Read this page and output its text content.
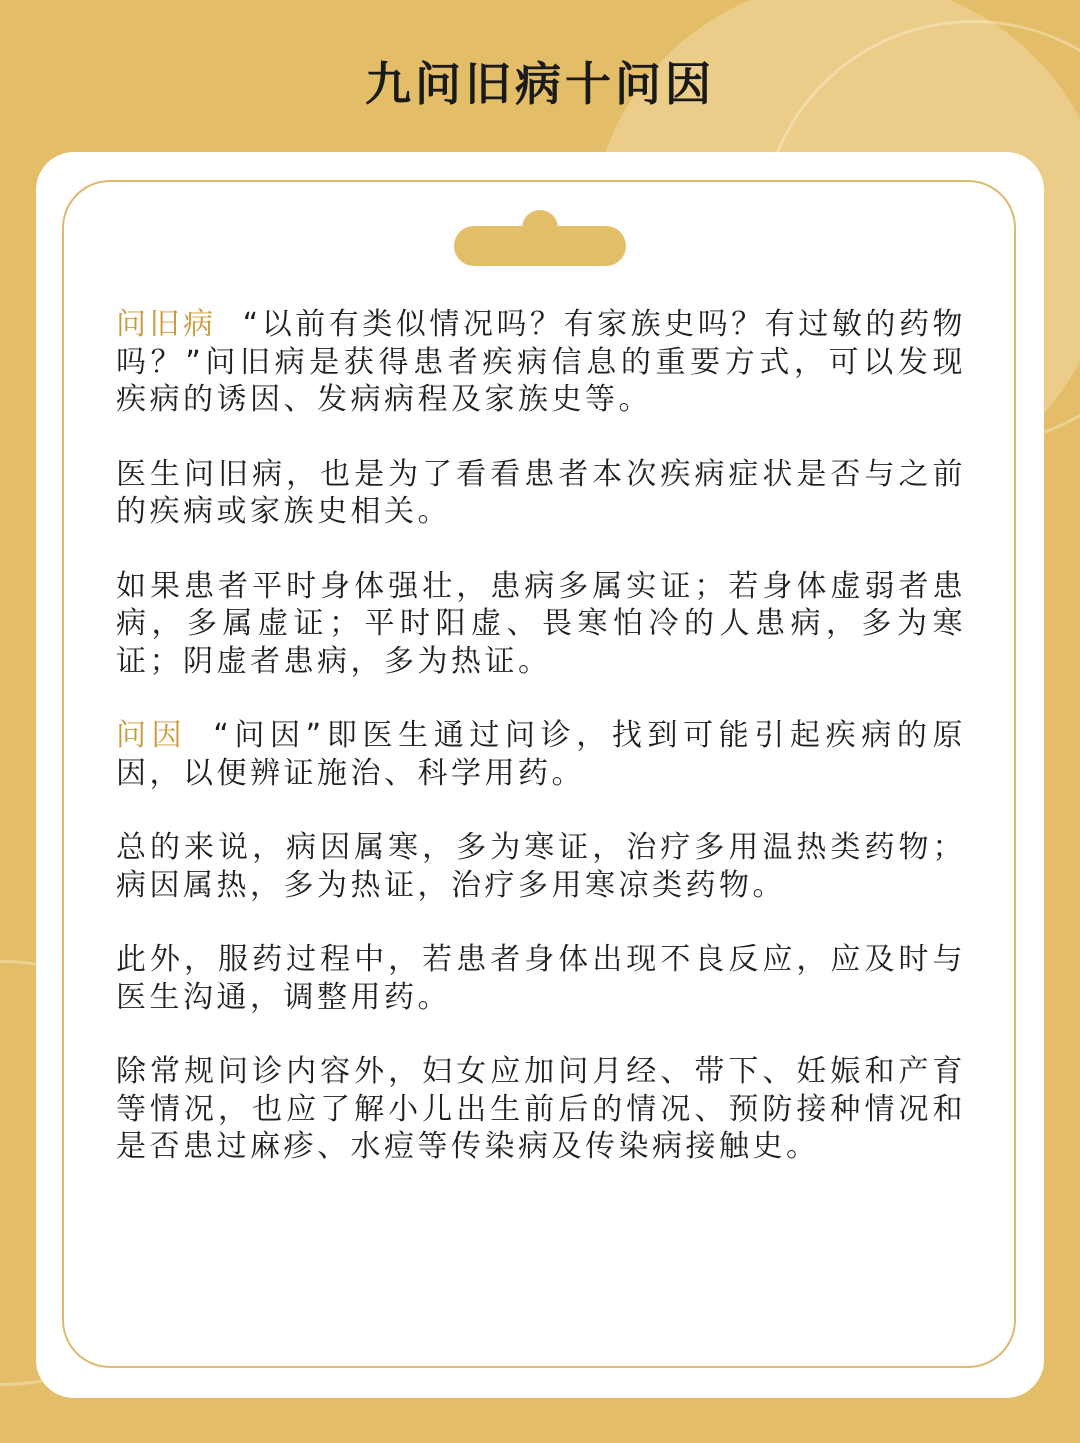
九问旧病十问因

问旧病 “以前有类似情况吗？有家族史吗？有过敏的药物吗？”问旧病是获得患者疾病信息的重要方式，可以发现疾病的诱因、发病病程及家族史等。

医生问旧病，也是为了看看患者本次疾病症状是否与之前的疾病或家族史相关。

如果患者平时身体强壮，患病多属实证；若身体虚弱者患病，多属虚证；平时阳虚、畏寒怕冷的人患病，多为寒证；阴虚者患病，多为热证。

问因 “问因”即医生通过问诊，找到可能引起疾病的原因，以便辨证施治、科学用药。

总的来说，病因属寒，多为寒证，治疗多用温热类药物；病因属热，多为热证，治疗多用寒凉类药物。

此外，服药过程中，若患者身体出现不良反应，应及时与医生沟通，调整用药。

除常规问诊内容外，妇女应加问月经、带下、妊娠和产育等情况，也应了解小儿出生前后的情况、预防接种情况和是否患过麻疹、水痘等传染病及传染病接触史。
